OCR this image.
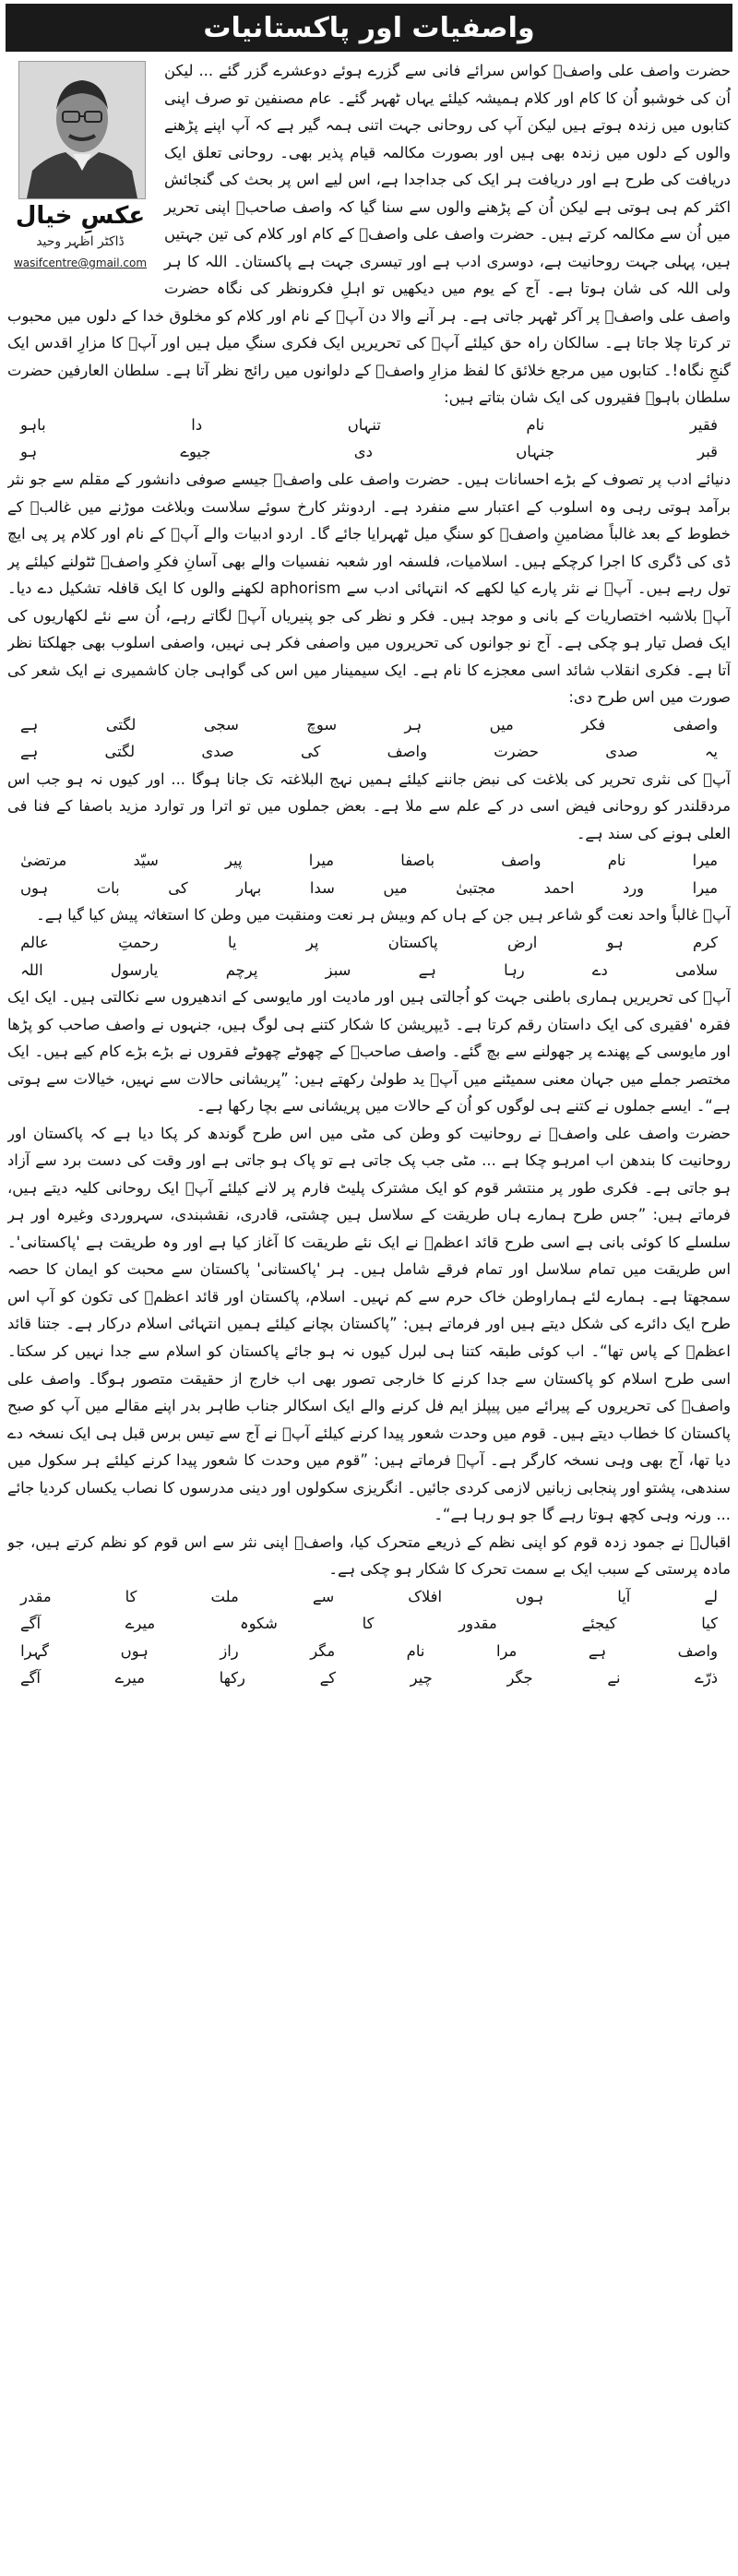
واصفیات اور پاکستانیات
عکسِ خیال
ڈاکٹر اظہر وحید
wasifcentre@gmail.com

حضرت واصف علی واصفؒ کواس سرائے فانی سے گزرے ہوئے دوعشرے گزر گئے ... لیکن اُن کی خوشبو اُن کا کام اور کلام ہمیشہ کیلئے یہاں ٹھہر گئے۔ عام مصنفین تو صرف اپنی کتابوں میں زندہ ہوتے ہیں لیکن آپ کی روحانی جہت اتنی ہمہ گیر ہے کہ آپ اپنے پڑھنے والوں کے دلوں میں زندہ بھی ہیں اور بصورت مکالمہ قیام پذیر بھی۔ روحانی تعلق ایک دریافت کی طرح ہے اور دریافت ہر ایک کی جداجدا ہے، اس لیے اس پر بحث کی گنجائش اکثر کم ہی ہوتی ہے لیکن اُن کے پڑھنے والوں سے سنا گیا کہ واصف صاحبؒ اپنی تحریر میں اُن سے مکالمہ کرتے ہیں۔ حضرت واصف علی واصفؒ کے کام اور کلام کی تین جہتیں ہیں، پہلی جہت روحانیت ہے، دوسری ادب ہے اور تیسری جہت ہے پاکستان۔ اللہ کا ہر ولی اللہ کی شان ہوتا ہے۔ آج کے یوم میں دیکھیں تو اہلِ فکرونظر کی نگاہ حضرت واصف علی واصفؒ پر آکر ٹھہر جاتی ہے۔ ہر آنے والا دن آپؒ کے نام اور کلام کو مخلوق خدا کے دلوں میں محبوب تر کرتا چلا جاتا ہے۔ سالکان راہ حق کیلئے آپؒ کی تحریریں ایک فکری سنگِ میل ہیں اور آپؒ کا مزارِ اقدس ایک گنجِ نگاہ!۔ کتابوں میں مرجع خلائق کا لفظ مزارِ واصفؒ کے دلوانوں میں رائج نظر آتا ہے۔ سلطان العارفین حضرت سلطان باہوؒ فقیروں کی ایک شان بتاتے ہیں:

فقیر
نام
تنہاں
دا
باہو
قبر
جنہاں
دی
جیوے
ہو

دنیائے ادب پر تصوف کے بڑے احسانات ہیں۔ حضرت واصف علی واصفؒ جیسے صوفی دانشور کے مقلم سے جو نثر برآمد ہوتی رہی وہ اسلوب کے اعتبار سے منفرد ہے۔ اردونثر کارخ سوئے سلاست وبلاغت موڑنے میں غالبؔ کے خطوط کے بعد غالباً مضامینِ واصفؒ کو سنگِ میل ٹھہرایا جائے گا۔ اردو ادبیات والے آپؒ کے نام اور کلام پر پی ایچ ڈی کی ڈگری کا اجرا کرچکے ہیں۔ اسلامیات، فلسفہ اور شعبہ نفسیات والے بھی آسانِ فکرِ واصفؒ ٹٹولنے کیلئے پر تول رہے ہیں۔ آپؒ نے نثر پارے کیا لکھے کہ انتہائی ادب سے aphorism لکھنے والوں کا ایک قافلہ تشکیل دے دیا۔ آپؒ بلاشبہ اختصاریات کے بانی و موجد ہیں۔ فکر و نظر کی جو پنیریاں آپؒ لگاتے رہے، اُن سے نئے لکھاریوں کی ایک فصل تیار ہو چکی ہے۔ آج نو جوانوں کی تحریروں میں واصفی فکر ہی نہیں، واصفی اسلوب بھی جھلکتا نظر آتا ہے۔ فکری انقلاب شائد اسی معجزے کا نام ہے۔ ایک سیمینار میں اس کی گواہی جان کاشمیری نے ایک شعر کی صورت میں اس طرح دی:

واصفی
فکر
میں
ہر
سوچ
سجی
لگتی
ہے
یہ
صدی
حضرت
واصف
کی
صدی
لگتی
ہے

آپؒ کی نثری تحریر کی بلاغت کی نبض جاننے کیلئے ہمیں نہج البلاغتہ تک جانا ہوگا ... اور کیوں نہ ہو جب اس مردقلندر کو روحانی فیض اسی در کے علم سے ملا ہے۔ بعض جملوں میں تو اترا ور توارد مزید باصفا کے فنا فی العلی ہونے کی سند ہے۔

میرا
نام
واصف
باصفا
میرا
پیر
سیّد
مرتضیٰ
میرا
ورد
احمد
مجتبیٰ
میں
سدا
بہار
کی
بات
ہوں

آپؒ غالباً واحد نعت گو شاعر ہیں جن کے ہاں کم وبیش ہر نعت ومنقبت میں وطن کا استغاثہ پیش کیا گیا ہے۔

کرم
ہو
ارض
پاکستان
پر
یا
رحمتِ
عالم
سلامی
دے
رہا
ہے
سبز
پرچم
یارسول
اللہ

آپؒ کی تحریریں ہماری باطنی جہت کو اُجالتی ہیں اور مادیت اور مایوسی کے اندھیروں سے نکالتی ہیں۔ ایک ایک فقرہ 'فقیری کی ایک داستان رقم کرتا ہے۔ ڈیپریشن کا شکار کتنے ہی لوگ ہیں، جنہوں نے واصف صاحب کو پڑھا اور مایوسی کے پھندے پر جھولنے سے بچ گئے۔ واصف صاحبؒ کے چھوٹے چھوٹے فقروں نے بڑے بڑے کام کیے ہیں۔ ایک مختصر جملے میں جہان معنی سمیٹنے میں آپؒ ید طولیٰ رکھتے ہیں: ”پریشانی حالات سے نہیں، خیالات سے ہوتی ہے“۔ ایسے جملوں نے کتنے ہی لوگوں کو اُن کے حالات میں پریشانی سے بچا رکھا ہے۔

حضرت واصف علی واصفؒ نے روحانیت کو وطن کی مٹی میں اس طرح گوندھ کر پکا دیا ہے کہ پاکستان اور روحانیت کا بندھن اب امرہو چکا ہے ... مٹی جب پک جاتی ہے تو پاک ہو جاتی ہے اور وقت کی دست برد سے آزاد ہو جاتی ہے۔ فکری طور پر منتشر قوم کو ایک مشترک پلیٹ فارم پر لانے کیلئے آپؒ ایک روحانی کلیہ دیتے ہیں، فرماتے ہیں: ”جس طرح ہمارے ہاں طریقت کے سلاسل ہیں چشتی، قادری، نقشبندی، سہروردی وغیرہ اور ہر سلسلے کا کوئی بانی ہے اسی طرح قائد اعظمؒ نے ایک نئے طریقت کا آغاز کیا ہے اور وہ طریقت ہے 'پاکستانی'۔ اس طریقت میں تمام سلاسل اور تمام فرقے شامل ہیں۔ ہر 'پاکستانی' پاکستان سے محبت کو ایمان کا حصہ سمجھتا ہے۔ ہمارے لئے ہماراوطن خاک حرم سے کم نہیں۔ اسلام، پاکستان اور قائد اعظمؒ کی تکون کو آپ اس طرح ایک دائرے کی شکل دیتے ہیں اور فرماتے ہیں: ”پاکستان بچانے کیلئے ہمیں انتہائی اسلام درکار ہے۔ جتنا قائد اعظمؒ کے پاس تھا“۔ اب کوئی طبقہ کتنا ہی لبرل کیوں نہ ہو جائے پاکستان کو اسلام سے جدا نہیں کر سکتا۔ اسی طرح اسلام کو پاکستان سے جدا کرنے کا خارجی تصور بھی اب خارج از حقیقت متصور ہوگا۔ واصف علی واصفؒ کی تحریروں کے پیرائے میں پیپلز ایم فل کرنے والے ایک اسکالر جناب طاہر بدر اپنے مقالے میں آپ کو صبح پاکستان کا خطاب دیتے ہیں۔ قوم میں وحدت شعور پیدا کرنے کیلئے آپؒ نے آج سے تیس برس قبل ہی ایک نسخہ دے دیا تھا، آج بھی وہی نسخہ کارگر ہے۔ آپؒ فرماتے ہیں: ”قوم میں وحدت کا شعور پیدا کرنے کیلئے ہر سکول میں سندھی، پشتو اور پنجابی زبانیں لازمی کردی جائیں۔ انگریزی سکولوں اور دینی مدرسوں کا نصاب یکساں کردیا جائے ... ورنہ وہی کچھ ہوتا رہے گا جو ہو رہا ہے“۔

اقبالؒ نے جمود زدہ قوم کو اپنی نظم کے ذریعے متحرک کیا، واصفؒ اپنی نثر سے اس قوم کو نظم کرتے ہیں، جو مادہ پرستی کے سبب ایک بے سمت تحرک کا شکار ہو چکی ہے۔

لے
آیا
ہوں
افلاک
سے
ملت
کا
مقدر
کیا
کیجئے
مقدور
کا
شکوہ
میرے
آگے
واصف
ہے
مرا
نام
مگر
راز
ہوں
گہرا
ذرّے
نے
جگر
چیر
کے
رکھا
میرے
آگے
